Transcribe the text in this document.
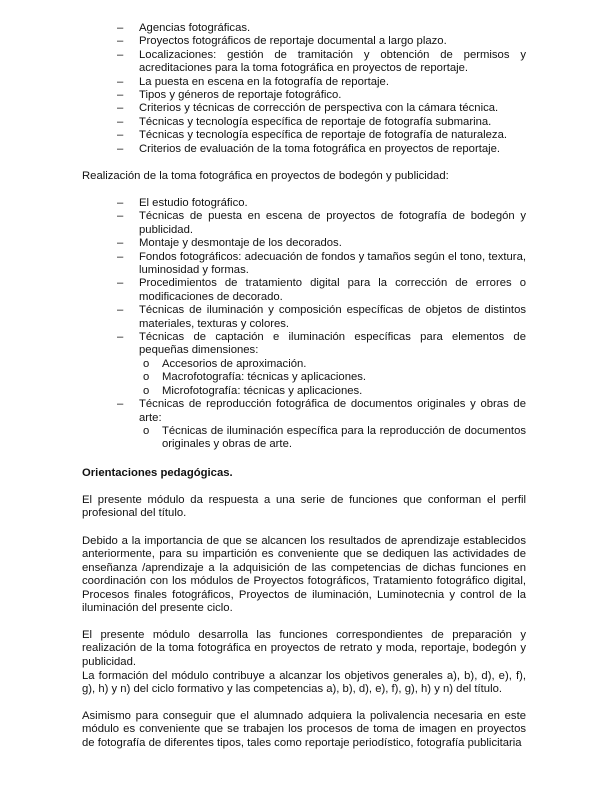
– Agencias fotográficas.
– Proyectos fotográficos de reportaje documental a largo plazo.
– Localizaciones: gestión de tramitación y obtención de permisos y acreditaciones para la toma fotográfica en proyectos de reportaje.
– La puesta en escena en la fotografía de reportaje.
– Tipos y géneros de reportaje fotográfico.
– Criterios y técnicas de corrección de perspectiva con la cámara técnica.
– Técnicas y tecnología específica de reportaje de fotografía submarina.
– Técnicas y tecnología específica de reportaje de fotografía de naturaleza.
– Criterios de evaluación de la toma fotográfica en proyectos de reportaje.
Realización de la toma fotográfica en proyectos de bodegón y publicidad:
– El estudio fotográfico.
– Técnicas de puesta en escena de proyectos de fotografía de bodegón y publicidad.
– Montaje y desmontaje de los decorados.
– Fondos fotográficos: adecuación de fondos y tamaños según el tono, textura, luminosidad y formas.
– Procedimientos de tratamiento digital para la corrección de errores o modificaciones de decorado.
– Técnicas de iluminación y composición específicas de objetos de distintos materiales, texturas y colores.
– Técnicas de captación e iluminación específicas para elementos de pequeñas dimensiones:
o Accesorios de aproximación.
o Macrofotografía: técnicas y aplicaciones.
o Microfotografía: técnicas y aplicaciones.
– Técnicas de reproducción fotográfica de documentos originales y obras de arte:
o Técnicas de iluminación específica para la reproducción de documentos originales y obras de arte.
Orientaciones pedagógicas.
El presente módulo da respuesta a una serie de funciones que conforman el perfil profesional del título.
Debido a la importancia de que se alcancen los resultados de aprendizaje establecidos anteriormente, para su impartición es conveniente que se dediquen las actividades de enseñanza /aprendizaje a la adquisición de las competencias de dichas funciones en coordinación con los módulos de Proyectos fotográficos, Tratamiento fotográfico digital, Procesos finales fotográficos, Proyectos de iluminación, Luminotecnia y control de la iluminación del presente ciclo.
El presente módulo desarrolla las funciones correspondientes de preparación y realización de la toma fotográfica en proyectos de retrato y moda, reportaje, bodegón y publicidad.
La formación del módulo contribuye a alcanzar los objetivos generales a), b), d), e), f), g), h) y n) del ciclo formativo y las competencias a), b), d), e), f), g), h) y n) del título.
Asimismo para conseguir que el alumnado adquiera la polivalencia necesaria en este módulo es conveniente que se trabajen los procesos de toma de imagen en proyectos de fotografía de diferentes tipos, tales como reportaje periodístico, fotografía publicitaria
